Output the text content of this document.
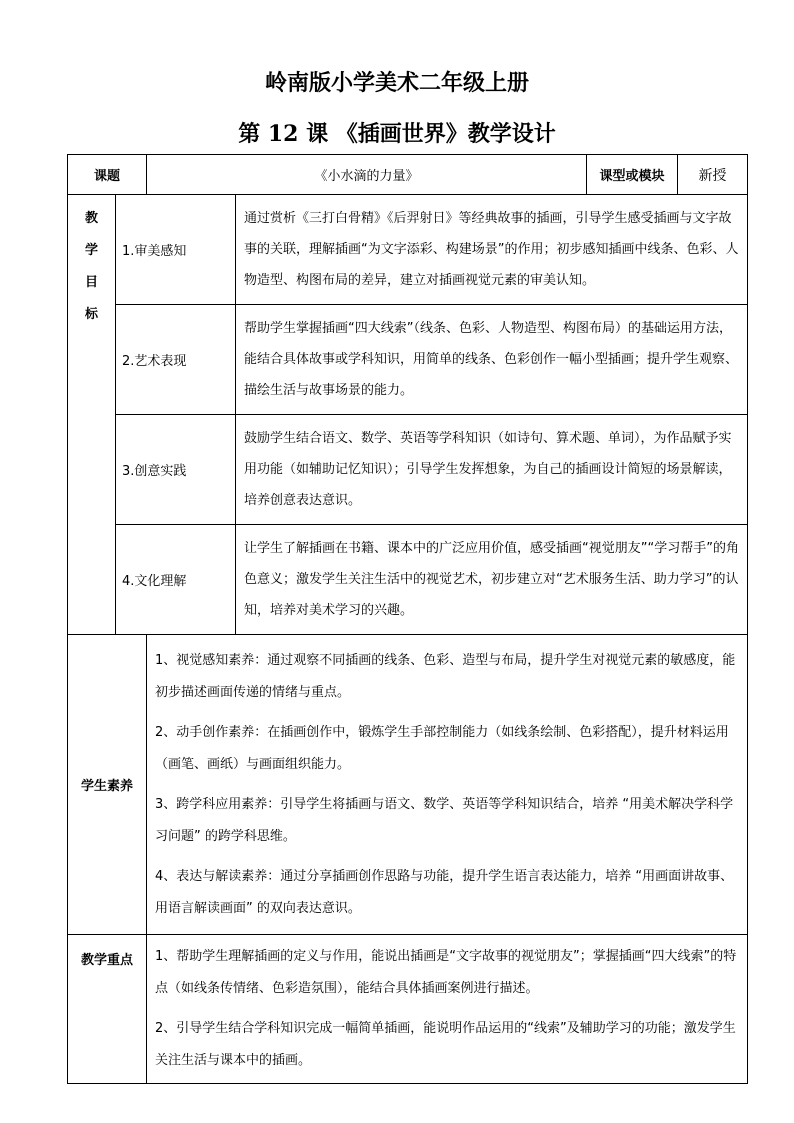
岭南版小学美术二年级上册
第 12 课 《插画世界》教学设计
课题		《小水滴的力量》		课型或模块	新授

教
学
目
标	1.审美感知		通过赏析《三打白骨精》《后羿射日》等经典故事的插画，引导学生感受插画与文字故事的关联，理解插画“为文字添彩、构建场景”的作用；初步感知插画中线条、色彩、人物造型、构图布局的差异，建立对插画视觉元素的审美认知。		
	2.艺术表现		帮助学生掌握插画“四大线索”（线条、色彩、人物造型、构图布局）的基础运用方法，能结合具体故事或学科知识，用简单的线条、色彩创作一幅小型插画；提升学生观察、描绘生活与故事场景的能力。		
	3.创意实践		鼓励学生结合语文、数学、英语等学科知识（如诗句、算术题、单词），为作品赋予实用功能（如辅助记忆知识）；引导学生发挥想象，为自己的插画设计简短的场景解读，培养创意表达意识。		
	4.文化理解		让学生了解插画在书籍、课本中的广泛应用价值，感受插画“视觉朋友”“学习帮手”的角色意义；激发学生关注生活中的视觉艺术，初步建立对“艺术服务生活、助力学习”的认知，培养对美术学习的兴趣。		
学生素养		1、视觉感知素养：通过观察不同插画的线条、色彩、造型与布局，提升学生对视觉元素的敏感度，能初步描述画面传递的情绪与重点。

2、动手创作素养：在插画创作中，锻炼学生手部控制能力（如线条绘制、色彩搭配），提升材料运用（画笔、画纸）与画面组织能力。

3、跨学科应用素养：引导学生将插画与语文、数学、英语等学科知识结合，培养 “用美术解决学科学习问题” 的跨学科思维。

4、表达与解读素养：通过分享插画创作思路与功能，提升学生语言表达能力，培养 “用画面讲故事、用语言解读画面” 的双向表达意识。			

教学重点		1、帮助学生理解插画的定义与作用，能说出插画是“文字故事的视觉朋友”；掌握插画“四大线索”的特点（如线条传情绪、色彩造氛围），能结合具体插画案例进行描述。

2、引导学生结合学科知识完成一幅简单插画，能说明作品运用的“线索”及辅助学习的功能；激发学生关注生活与课本中的插画。			
